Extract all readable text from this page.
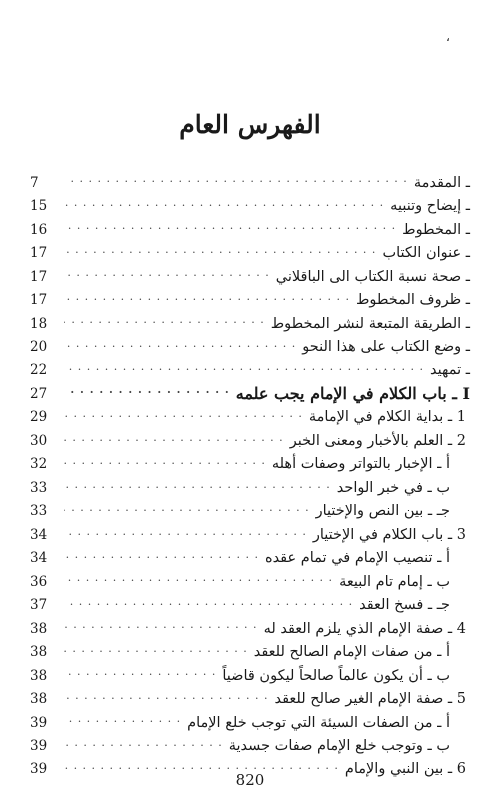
،
الفهرس العام
ـ المقدمة
. . .
7
ـ إيضاح وتنبيه
. . .
15
ـ المخطوط
. . .
16
ـ عنوان الكتاب
. . .
17
ـ صحة نسبة الكتاب الى الباقلاني
. . .
17
ـ ظروف المخطوط
. . .
17
ـ الطريقة المتبعة لنشر المخطوط
. . .
18
ـ وضع الكتاب على هذا النحو
. . .
20
ـ تمهيد
. . .
22
I ـ باب الكلام في الإمام يجب علمه
. . .
27
1 ـ بداية الكلام في الإمامة
. . .
29
2 ـ العلم بالأخبار ومعنى الخبر
. . .
30
أ ـ الإخبار بالتواتر وصفات أهله
. . .
32
ب ـ في خبر الواحد
. . .
33
جـ ـ بين النص والإختيار
. . .
33
3 ـ باب الكلام في الإختيار
. . .
34
أ ـ تنصيب الإمام في تمام عقده
. . .
34
ب ـ إمام تام البيعة
. . .
36
جـ ـ فسخ العقد
. . .
37
4 ـ صفة الإمام الذي يلزم العقد له
. . .
38
أ ـ من صفات الإمام الصالح للعقد
. . .
38
ب ـ أن يكون عالماً صالحاً ليكون قاضياً
. . .
38
5 ـ صفة الإمام الغير صالح للعقد
. . .
38
أ ـ من الصفات السيئة التي توجب خلع الإمام
. . .
39
ب ـ وتوجب خلع الإمام صفات جسدية
. . .
39
6 ـ بين النبي والإمام
. . .
39
820
